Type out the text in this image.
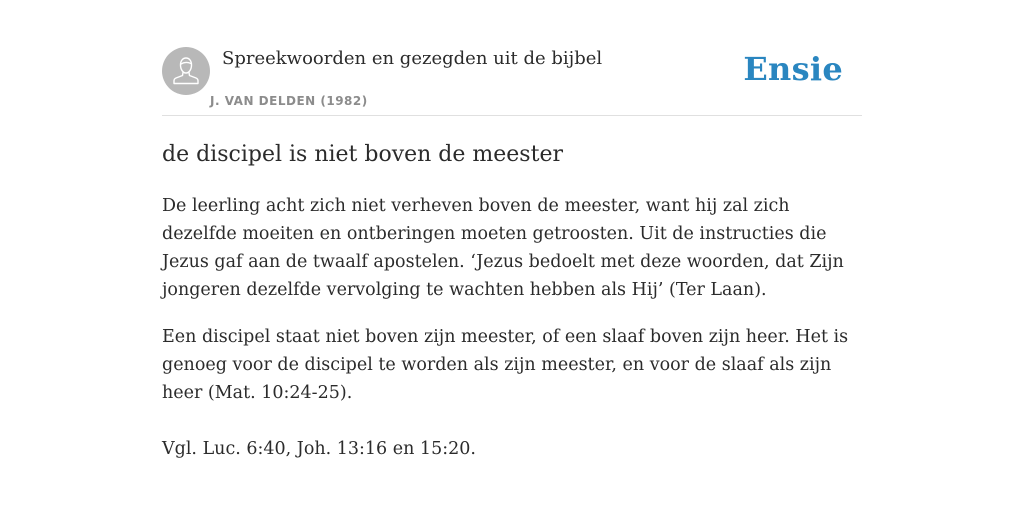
Spreekwoorden en gezegden uit de bijbel
J. VAN DELDEN (1982)
Ensie
de discipel is niet boven de meester

De leerling acht zich niet verheven boven de meester, want hij zal zich dezelfde moeiten en ontberingen moeten getroosten. Uit de instructies die Jezus gaf aan de twaalf apostelen. ‘Jezus bedoelt met deze woorden, dat Zijn jongeren dezelfde vervolging te wachten hebben als Hij’ (Ter Laan).

Een discipel staat niet boven zijn meester, of een slaaf boven zijn heer. Het is genoeg voor de discipel te worden als zijn meester, en voor de slaaf als zijn heer (Mat. 10:24-25).

Vgl. Luc. 6:40, Joh. 13:16 en 15:20.
